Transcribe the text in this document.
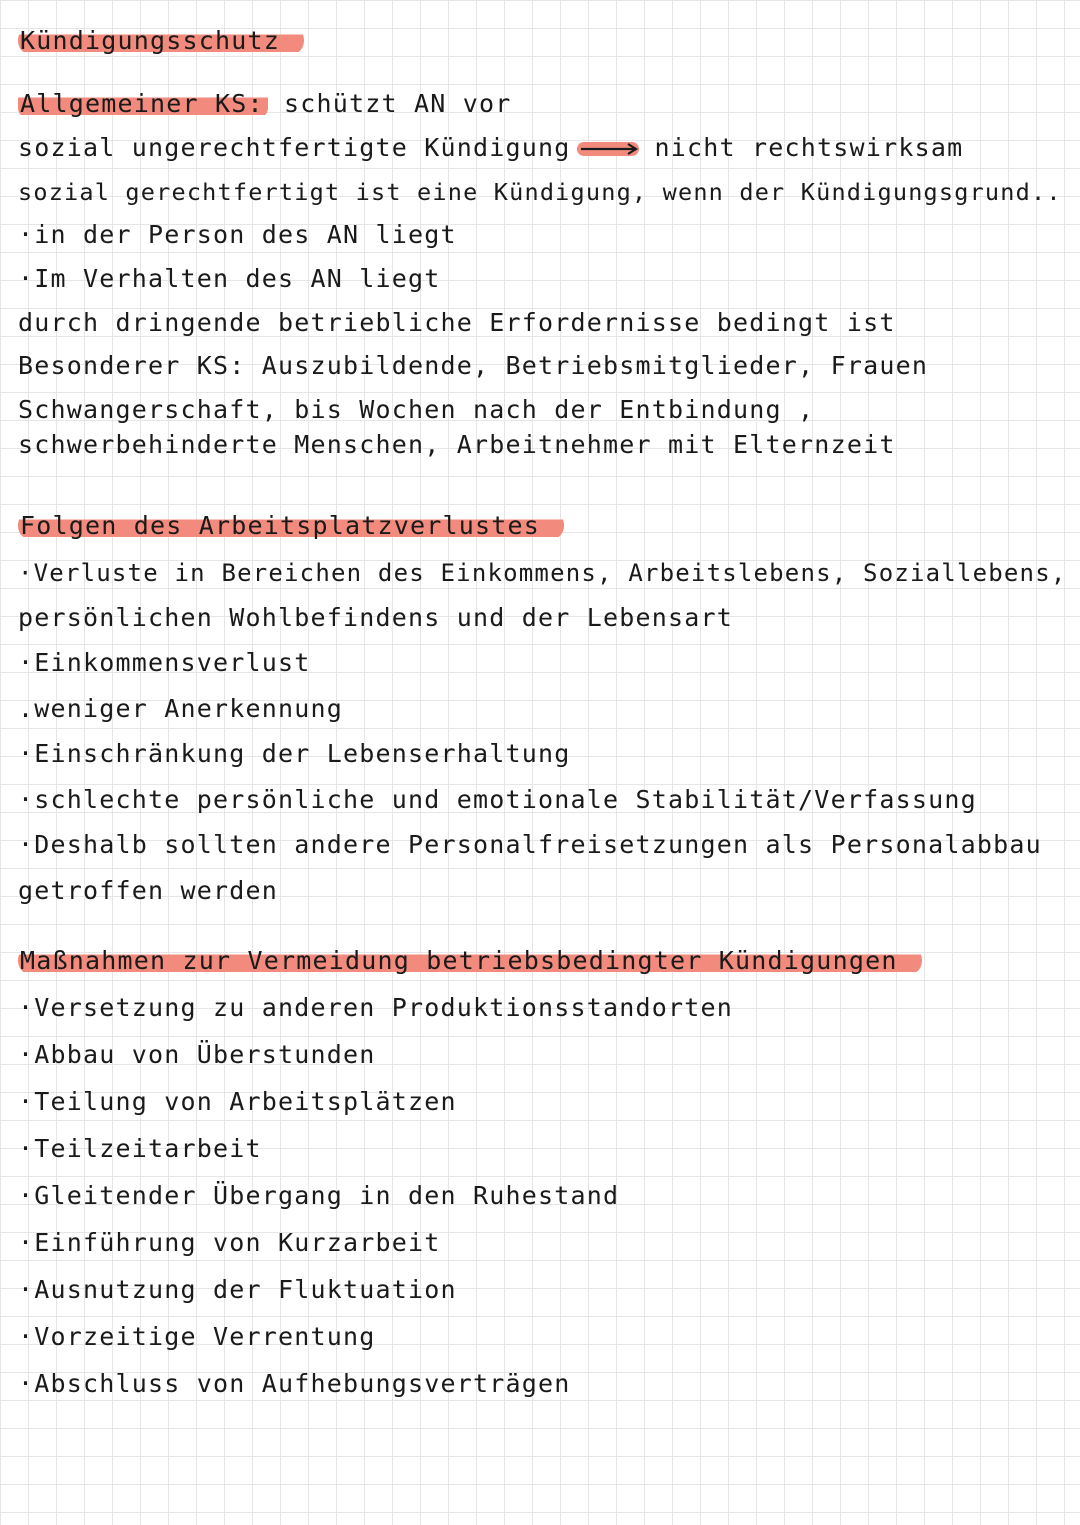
Kündigungsschutz
Allgemeiner KS: schützt AN vor
sozial ungerechtfertigte Kündigung	nicht rechtswirksam
sozial gerechtfertigt ist eine Kündigung, wenn der Kündigungsgrund..
·in der Person des AN liegt
·Im Verhalten des AN liegt
durch dringende betriebliche Erfordernisse bedingt ist
Besonderer KS: Auszubildende, Betriebsmitglieder, Frauen
Schwangerschaft, bis Wochen nach der Entbindung ,
schwerbehinderte Menschen, Arbeitnehmer mit Elternzeit
Folgen des Arbeitsplatzverlustes
·Verluste in Bereichen des Einkommens, Arbeitslebens, Soziallebens,
persönlichen Wohlbefindens und der Lebensart
·Einkommensverlust
.weniger Anerkennung
·Einschränkung der Lebenserhaltung
·schlechte persönliche und emotionale Stabilität/Verfassung
·Deshalb sollten andere Personalfreisetzungen als Personalabbau
getroffen werden
Maßnahmen zur Vermeidung betriebsbedingter Kündigungen
·Versetzung zu anderen Produktionsstandorten
·Abbau von Überstunden
·Teilung von Arbeitsplätzen
·Teilzeitarbeit
·Gleitender Übergang in den Ruhestand
·Einführung von Kurzarbeit
·Ausnutzung der Fluktuation
·Vorzeitige Verrentung
·Abschluss von Aufhebungsverträgen
